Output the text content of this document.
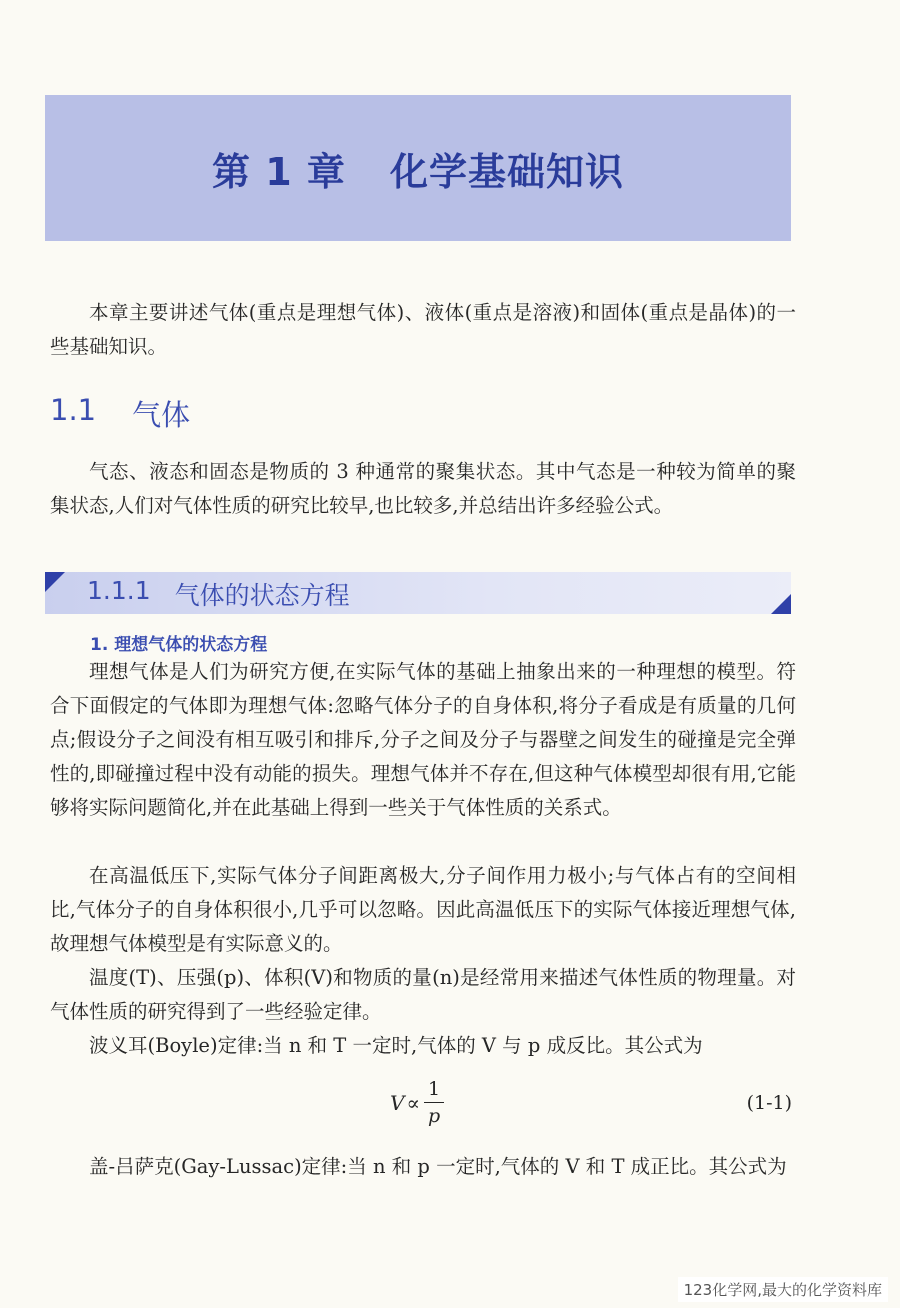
第 1 章 化学基础知识

本章主要讲述气体(重点是理想气体)、液体(重点是溶液)和固体(重点是晶体)的一些基础知识。

1.1 气体

气态、液态和固态是物质的 3 种通常的聚集状态。其中气态是一种较为简单的聚集状态,人们对气体性质的研究比较早,也比较多,并总结出许多经验公式。

1.1.1 气体的状态方程
1. 理想气体的状态方程

理想气体是人们为研究方便,在实际气体的基础上抽象出来的一种理想的模型。符合下面假定的气体即为理想气体:忽略气体分子的自身体积,将分子看成是有质量的几何点;假设分子之间没有相互吸引和排斥,分子之间及分子与器壁之间发生的碰撞是完全弹性的,即碰撞过程中没有动能的损失。理想气体并不存在,但这种气体模型却很有用,它能够将实际问题简化,并在此基础上得到一些关于气体性质的关系式。

在高温低压下,实际气体分子间距离极大,分子间作用力极小;与气体占有的空间相比,气体分子的自身体积很小,几乎可以忽略。因此高温低压下的实际气体接近理想气体,故理想气体模型是有实际意义的。

温度(T)、压强(p)、体积(V)和物质的量(n)是经常用来描述气体性质的物理量。对气体性质的研究得到了一些经验定律。

波义耳(Boyle)定律:当 n 和 T 一定时,气体的 V 与 p 成反比。其公式为

$V \propto \frac{1}{p}$	(1-1)

盖-吕萨克(Gay-Lussac)定律:当 n 和 p 一定时,气体的 V 和 T 成正比。其公式为

123化学网,最大的化学资料库
